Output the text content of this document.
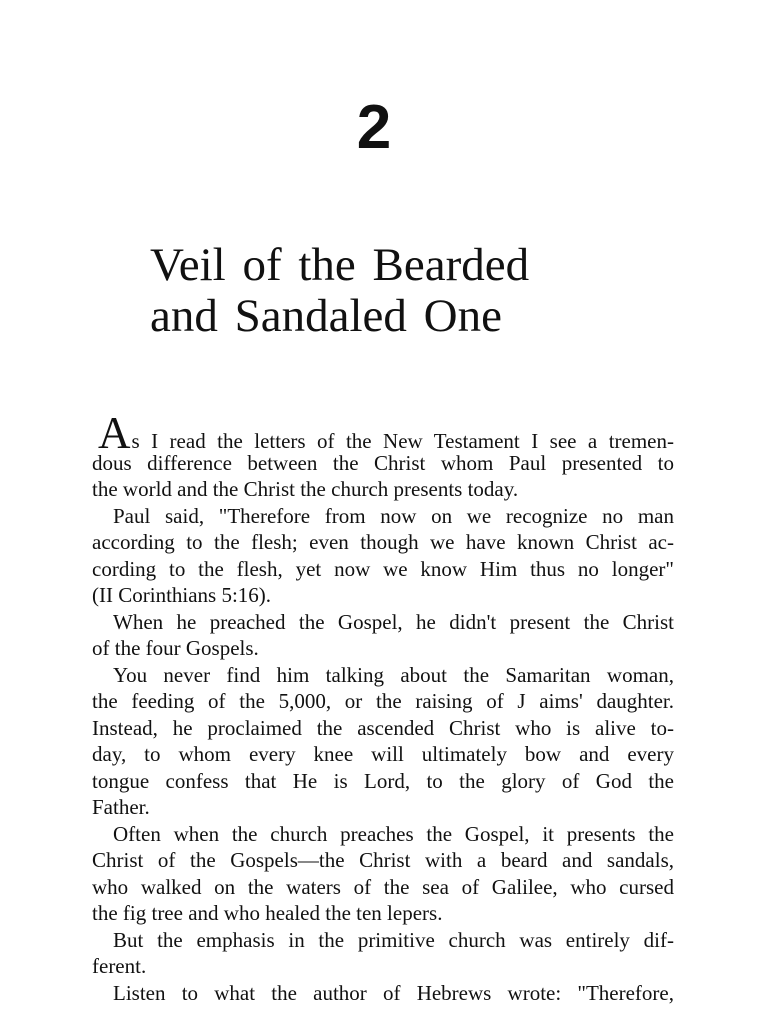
2
Veil of the Bearded
and Sandaled One
As I read the letters of the New Testament I see a tremen-
dous difference between the Christ whom Paul presented to
the world and the Christ the church presents today.
Paul said, "Therefore from now on we recognize no man
according to the flesh; even though we have known Christ ac-
cording to the flesh, yet now we know Him thus no longer"
(II Corinthians 5:16).
When he preached the Gospel, he didn't present the Christ
of the four Gospels.
You never find him talking about the Samaritan woman,
the feeding of the 5,000, or the raising of J aims' daughter.
Instead, he proclaimed the ascended Christ who is alive to-
day, to whom every knee will ultimately bow and every
tongue confess that He is Lord, to the glory of God the
Father.
Often when the church preaches the Gospel, it presents the
Christ of the Gospels—the Christ with a beard and sandals,
who walked on the waters of the sea of Galilee, who cursed
the fig tree and who healed the ten lepers.
But the emphasis in the primitive church was entirely dif-
ferent.
Listen to what the author of Hebrews wrote: "Therefore,
